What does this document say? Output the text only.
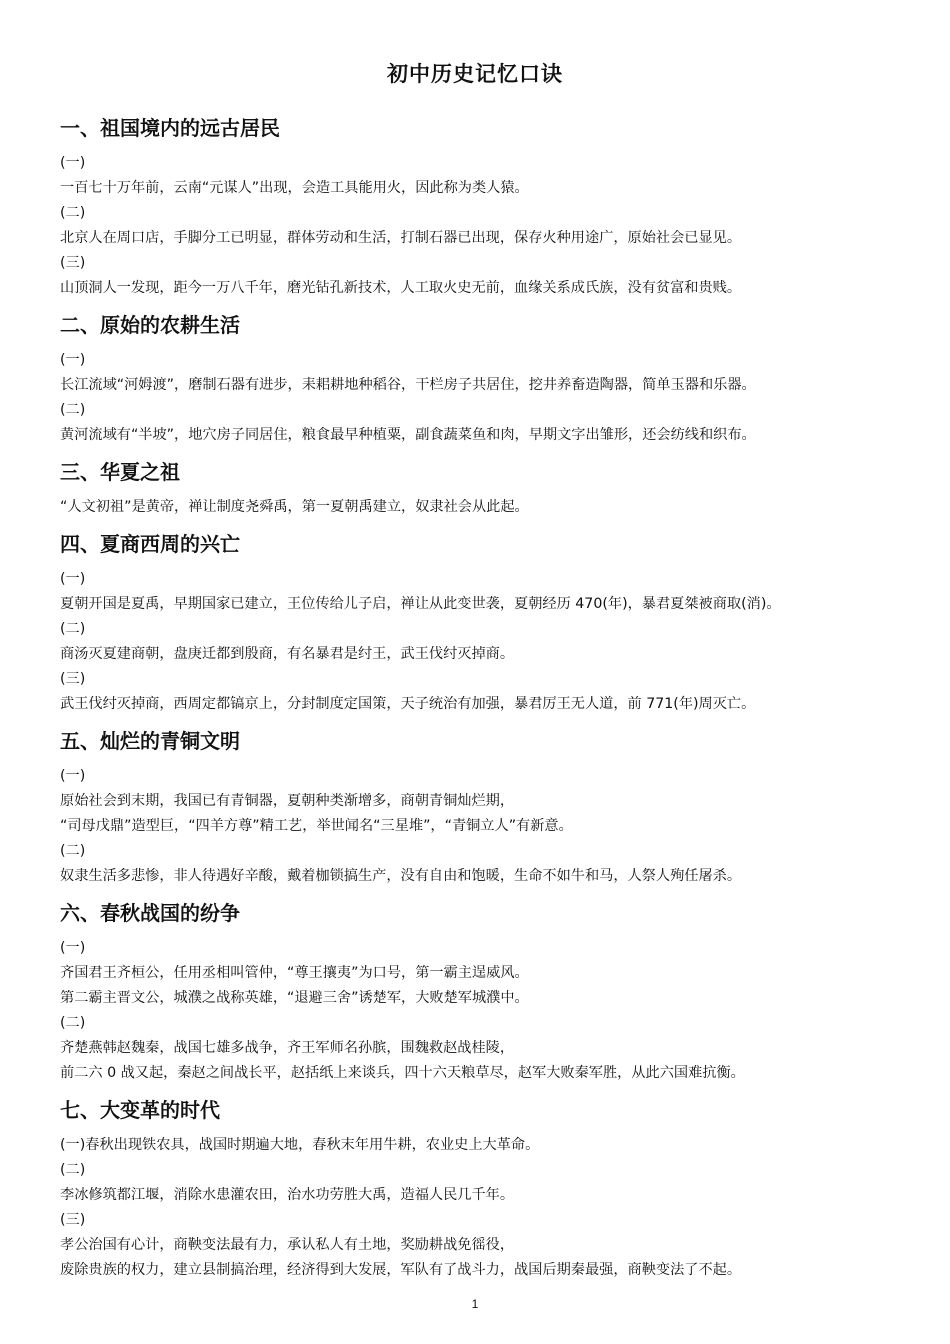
初中历史记忆口诀
一、祖国境内的远古居民
(一)
一百七十万年前，云南“元谋人”出现，会造工具能用火，因此称为类人猿。
(二)
北京人在周口店，手脚分工已明显，群体劳动和生活，打制石器已出现，保存火种用途广，原始社会已显见。
(三)
山顶洞人一发现，距今一万八千年，磨光钻孔新技术，人工取火史无前，血缘关系成氏族，没有贫富和贵贱。
二、原始的农耕生活
(一)
长江流域“河姆渡”，磨制石器有进步，耒耜耕地种稻谷，干栏房子共居住，挖井养畜造陶器，简单玉器和乐器。
(二)
黄河流域有“半坡”，地穴房子同居住，粮食最早种植粟，副食蔬菜鱼和肉，早期文字出雏形，还会纺线和织布。
三、华夏之祖
“人文初祖”是黄帝，禅让制度尧舜禹，第一夏朝禹建立，奴隶社会从此起。
四、夏商西周的兴亡
(一)
夏朝开国是夏禹，早期国家已建立，王位传给儿子启，禅让从此变世袭，夏朝经历 470(年)，暴君夏桀被商取(消)。
(二)
商汤灭夏建商朝，盘庚迁都到殷商，有名暴君是纣王，武王伐纣灭掉商。
(三)
武王伐纣灭掉商，西周定都镐京上，分封制度定国策，天子统治有加强，暴君厉王无人道，前 771(年)周灭亡。
五、灿烂的青铜文明
(一)
原始社会到末期，我国已有青铜器，夏朝种类渐增多，商朝青铜灿烂期，
“司母戊鼎”造型巨，“四羊方尊”精工艺，举世闻名“三星堆”，“青铜立人”有新意。
(二)
奴隶生活多悲惨，非人待遇好辛酸，戴着枷锁搞生产，没有自由和饱暖，生命不如牛和马，人祭人殉任屠杀。
六、春秋战国的纷争
(一)
齐国君王齐桓公，任用丞相叫管仲，“尊王攘夷”为口号，第一霸主逞威风。
第二霸主晋文公，城濮之战称英雄，“退避三舍”诱楚军，大败楚军城濮中。
(二)
齐楚燕韩赵魏秦，战国七雄多战争，齐王军师名孙膑，围魏救赵战桂陵，
前二六 0 战又起，秦赵之间战长平，赵括纸上来谈兵，四十六天粮草尽，赵军大败秦军胜，从此六国难抗衡。
七、大变革的时代
(一)春秋出现铁农具，战国时期遍大地，春秋末年用牛耕，农业史上大革命。
(二)
李冰修筑都江堰，消除水患灌农田，治水功劳胜大禹，造福人民几千年。
(三)
孝公治国有心计，商鞅变法最有力，承认私人有土地，奖励耕战免徭役，
废除贵族的权力，建立县制搞治理，经济得到大发展，军队有了战斗力，战国后期秦最强，商鞅变法了不起。
1
